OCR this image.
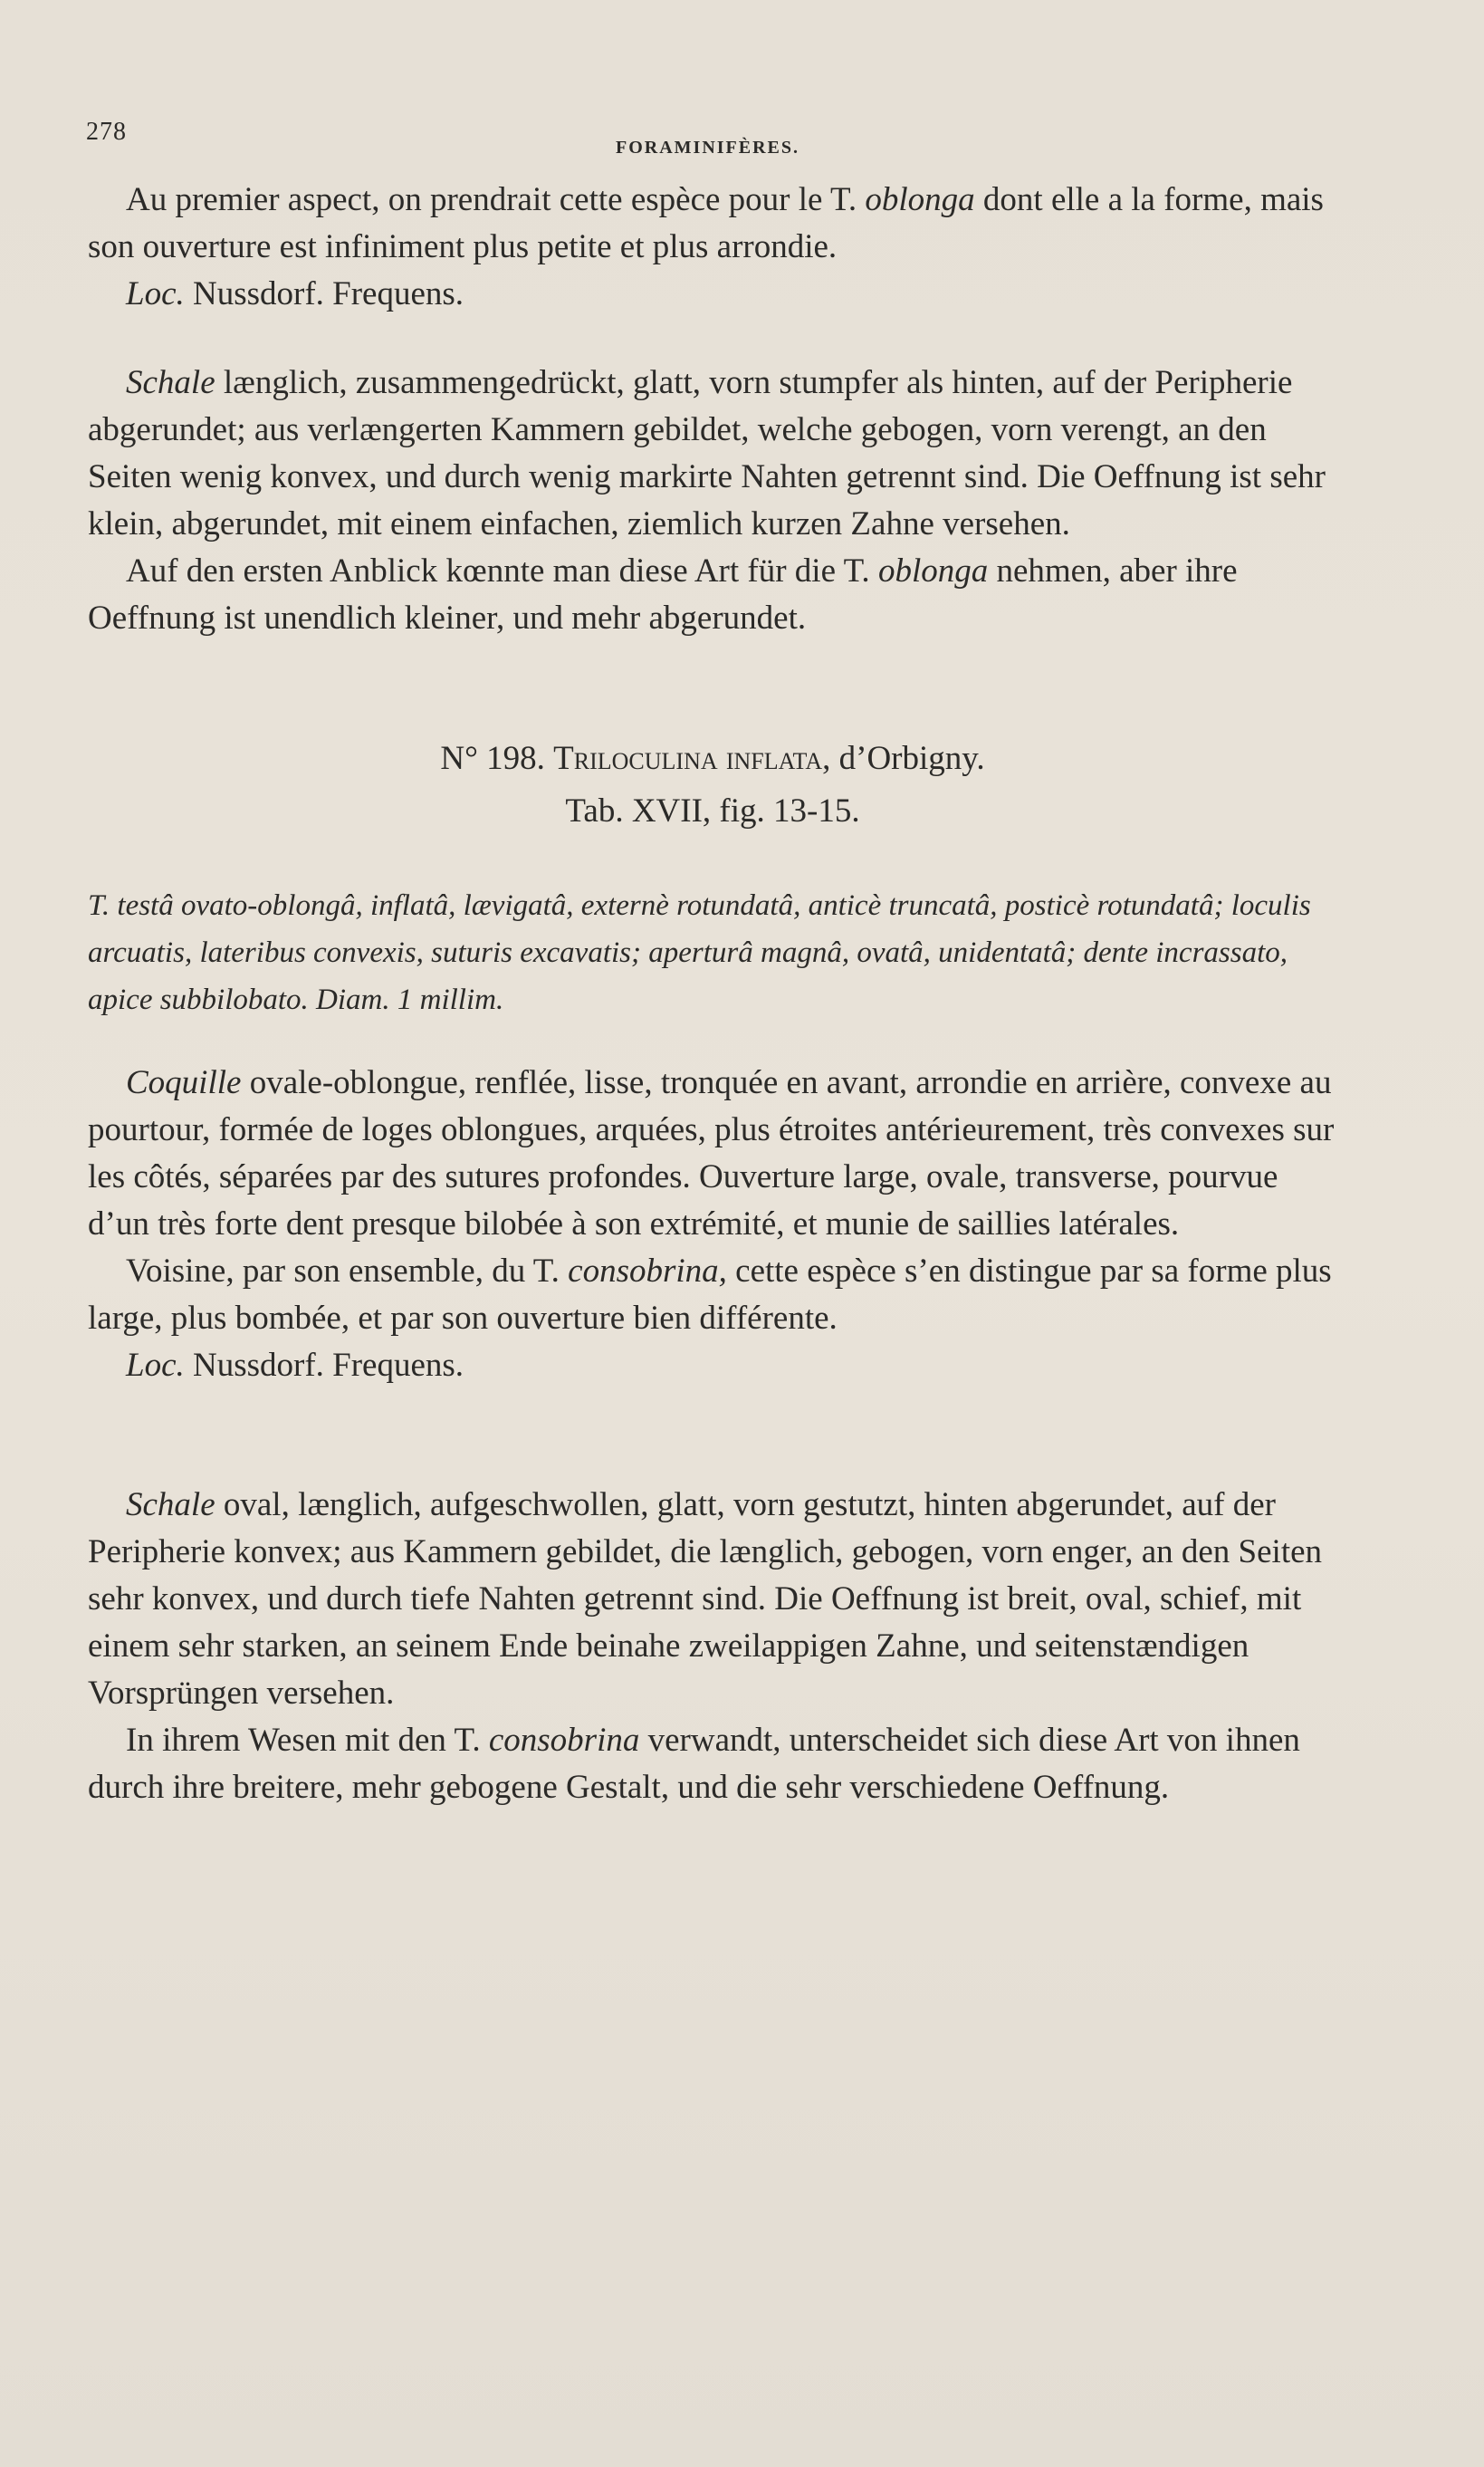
278
FORAMINIFÈRES.

Au premier aspect, on prendrait cette espèce pour le T. oblonga dont elle a la forme, mais son ouverture est infiniment plus petite et plus arrondie.

Loc. Nussdorf. Frequens.

Schale længlich, zusammengedrückt, glatt, vorn stumpfer als hinten, auf der Peripherie abgerundet; aus verlængerten Kammern gebildet, welche gebogen, vorn verengt, an den Seiten wenig konvex, und durch wenig markirte Nahten getrennt sind. Die Oeffnung ist sehr klein, abgerundet, mit einem einfachen, ziemlich kurzen Zahne versehen.

Auf den ersten Anblick kœnnte man diese Art für die T. oblonga nehmen, aber ihre Oeffnung ist unendlich kleiner, und mehr abgerundet.

N° 198. Triloculina inflata, d’Orbigny.
Tab. XVII, fig. 13-15.

T. testâ ovato-oblongâ, inflatâ, lævigatâ, externè rotundatâ, anticè truncatâ, posticè rotundatâ; loculis arcuatis, lateribus convexis, suturis excavatis; aperturâ magnâ, ovatâ, unidentatâ; dente incrassato, apice subbilobato. Diam. 1 millim.

Coquille ovale-oblongue, renflée, lisse, tronquée en avant, arrondie en arrière, convexe au pourtour, formée de loges oblongues, arquées, plus étroites antérieurement, très convexes sur les côtés, séparées par des sutures profondes. Ouverture large, ovale, transverse, pourvue d’un très forte dent presque bilobée à son extrémité, et munie de saillies latérales.

Voisine, par son ensemble, du T. consobrina, cette espèce s’en distingue par sa forme plus large, plus bombée, et par son ouverture bien différente.

Loc. Nussdorf. Frequens.

Schale oval, længlich, aufgeschwollen, glatt, vorn gestutzt, hinten abgerundet, auf der Peripherie konvex; aus Kammern gebildet, die længlich, gebogen, vorn enger, an den Seiten sehr konvex, und durch tiefe Nahten getrennt sind. Die Oeffnung ist breit, oval, schief, mit einem sehr starken, an seinem Ende beinahe zweilappigen Zahne, und seitenstændigen Vorsprüngen versehen.

In ihrem Wesen mit den T. consobrina verwandt, unterscheidet sich diese Art von ihnen durch ihre breitere, mehr gebogene Gestalt, und die sehr verschiedene Oeffnung.
